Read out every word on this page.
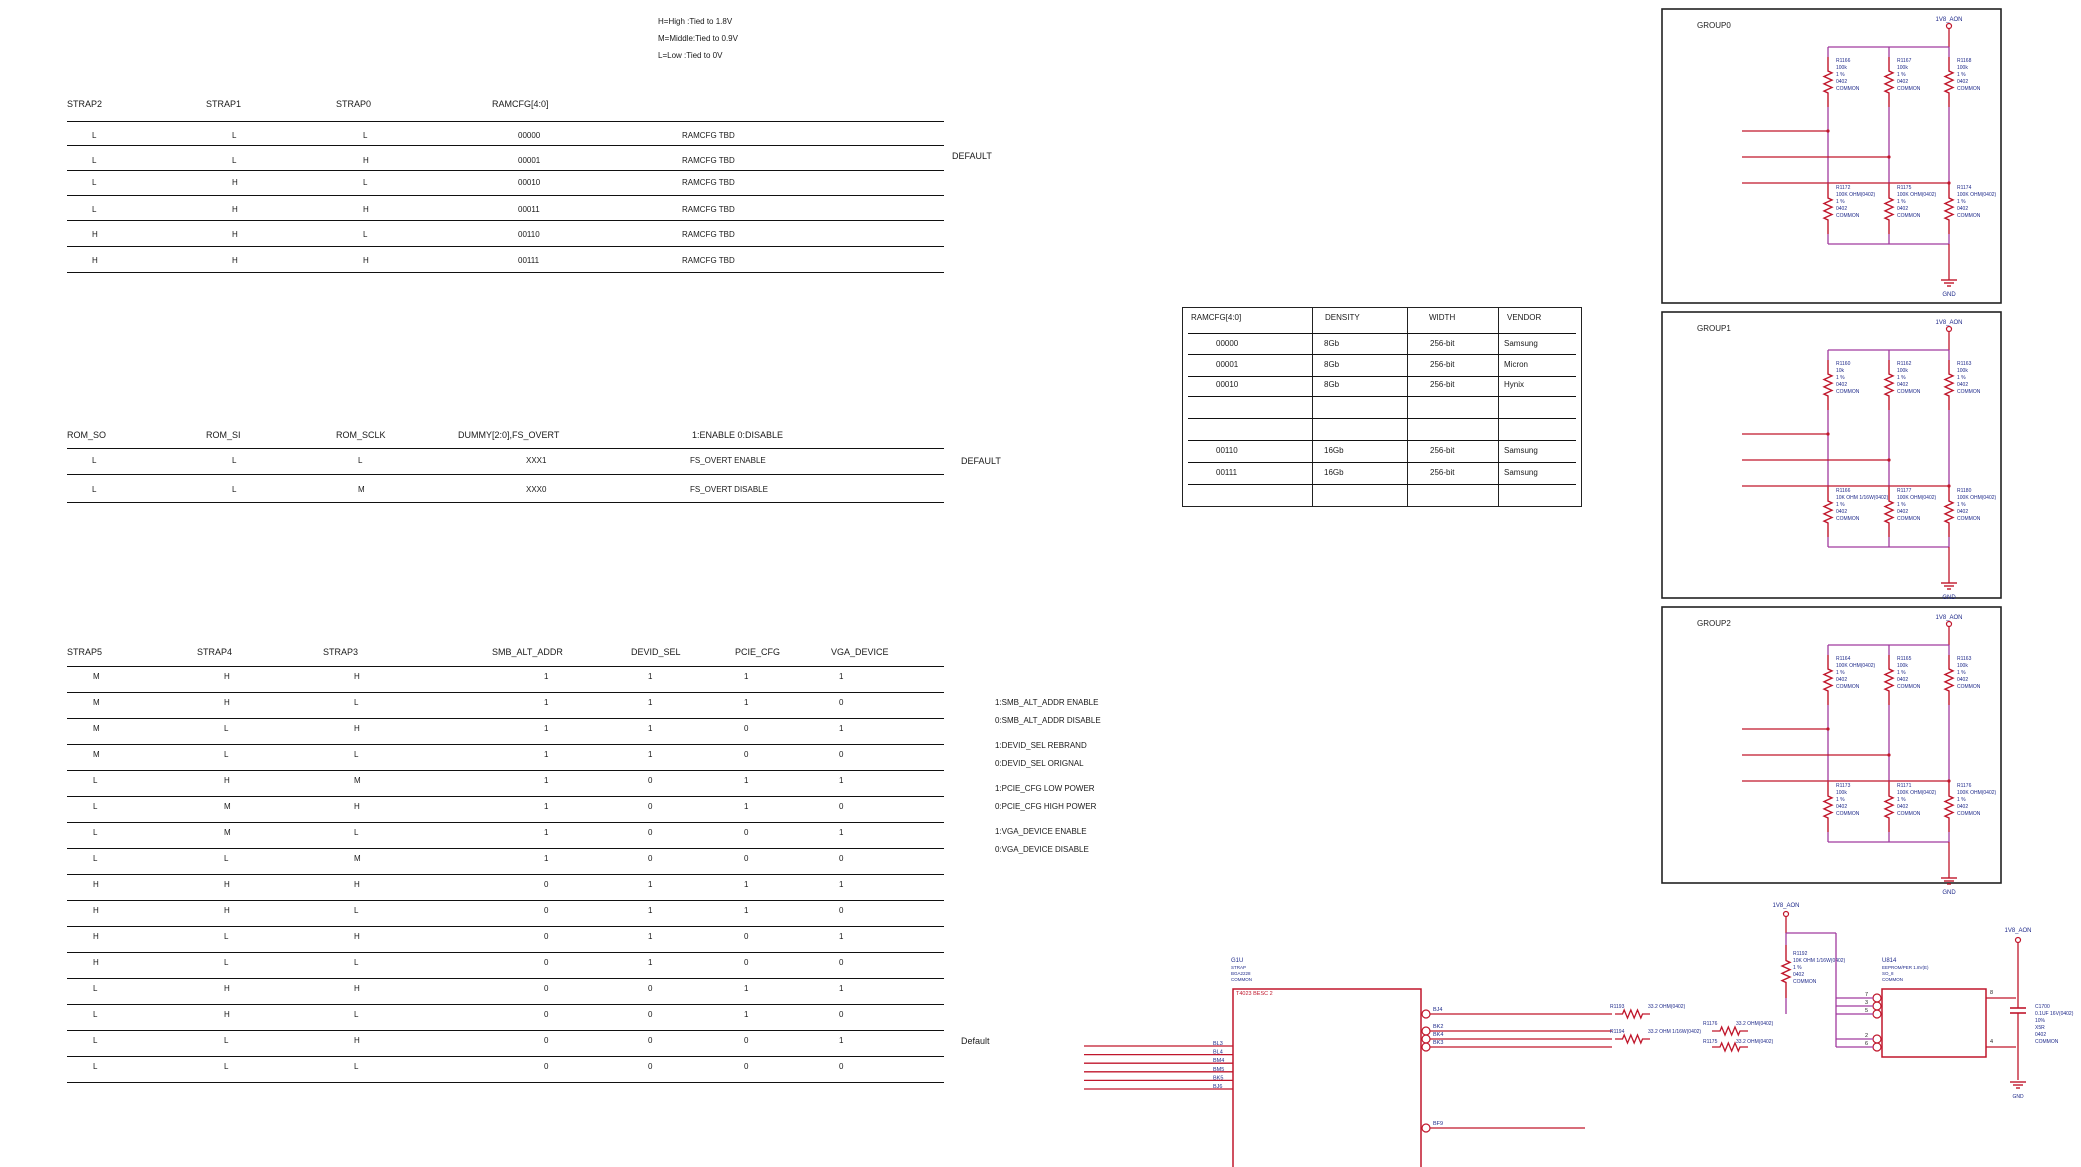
H=High :Tied to 1.8V
M=Middle:Tied to 0.9V
L=Low :Tied to 0V
STRAP2	STRAP1	STRAP0	RAMCFG[4:0]
L	L	L	00000	RAMCFG TBD
L	L	H	00001	RAMCFG TBD
L	H	L	00010	RAMCFG TBD
L	H	H	00011	RAMCFG TBD
H	H	L	00110	RAMCFG TBD
H	H	H	00111	RAMCFG TBD
DEFAULT
ROM_SO	ROM_SI	ROM_SCLK	DUMMY[2:0],FS_OVERT	1:ENABLE 0:DISABLE
L	L	L	XXX1	FS_OVERT ENABLE
L	L	M	XXX0	FS_OVERT DISABLE
DEFAULT
STRAP5	STRAP4	STRAP3	SMB_ALT_ADDR	DEVID_SEL	PCIE_CFG	VGA_DEVICE
M	H	H	1	1	1	1
M	H	L	1	1	1	0
M	L	H	1	1	0	1
M	L	L	1	1	0	0
L	H	M	1	0	1	1
L	M	H	1	0	1	0
L	M	L	1	0	0	1
L	L	M	1	0	0	0
H	H	H	0	1	1	1
H	H	L	0	1	1	0
H	L	H	0	1	0	1
H	L	L	0	1	0	0
L	H	H	0	0	1	1
L	H	L	0	0	1	0
L	L	H	0	0	0	1
L	L	L	0	0	0	0
Default
1:SMB_ALT_ADDR ENABLE
0:SMB_ALT_ADDR DISABLE
1:DEVID_SEL REBRAND
0:DEVID_SEL ORIGNAL
1:PCIE_CFG LOW POWER
0:PCIE_CFG HIGH POWER
1:VGA_DEVICE ENABLE
0:VGA_DEVICE DISABLE
RAMCFG[4:0]	DENSITY	WIDTH	VENDOR
00000	8Gb	256-bit	Samsung
00001	8Gb	256-bit	Micron
00010	8Gb	256-bit	Hynix
00110	16Gb	256-bit	Samsung
00111	16Gb	256-bit	Samsung
GROUP0
1V8_AON
GND
R1166
100k
1 %
0402
COMMON
R1172
100K OHM(0402)
1 %
0402
COMMON
R1167
100k
1 %
0402
COMMON
R1175
100K OHM(0402)
1 %
0402
COMMON
R1168
100k
1 %
0402
COMMON
R1174
100K OHM(0402)
1 %
0402
COMMON
GROUP1
1V8_AON
GND
R1160
10k
1 %
0402
COMMON
R1166
10K OHM 1/16W(0402)
1 %
0402
COMMON
R1162
100k
1 %
0402
COMMON
R1177
100K OHM(0402)
1 %
0402
COMMON
R1163
100k
1 %
0402
COMMON
R1180
100K OHM(0402)
1 %
0402
COMMON
GROUP2
1V8_AON
GND
R1164
100K OHM(0402)
1 %
0402
COMMON
R1173
100k
1 %
0402
COMMON
R1165
100k
1 %
0402
COMMON
R1171
100K OHM(0402)
1 %
0402
COMMON
R1163
100k
1 %
0402
COMMON
R1176
100K OHM(0402)
1 %
0402
COMMON
G1U
STRAP
BGA2228
COMMON
T4023 BESC 2
BL3
BL4
BM4
BM5
BK5
BJ6
BJ4
BK2
BK4
BK3
BF9
R1193	33.2 OHM(0402)
R1194	33.2 OHM 1/16W(0402)
R1176	33.2 OHM(0402)
R1175	33.2 OHM(0402)
1V8_AON
R1192
10K OHM 1/16W(0402)
1 %
0402
COMMON
U814
EEPROM/PER 1.8V(E)
SO_8
COMMON
7
3
5
2
6
8
4
1V8_AON
GND
C1700
0.1UF 16V(0402)
10%
X5R
0402
COMMON
